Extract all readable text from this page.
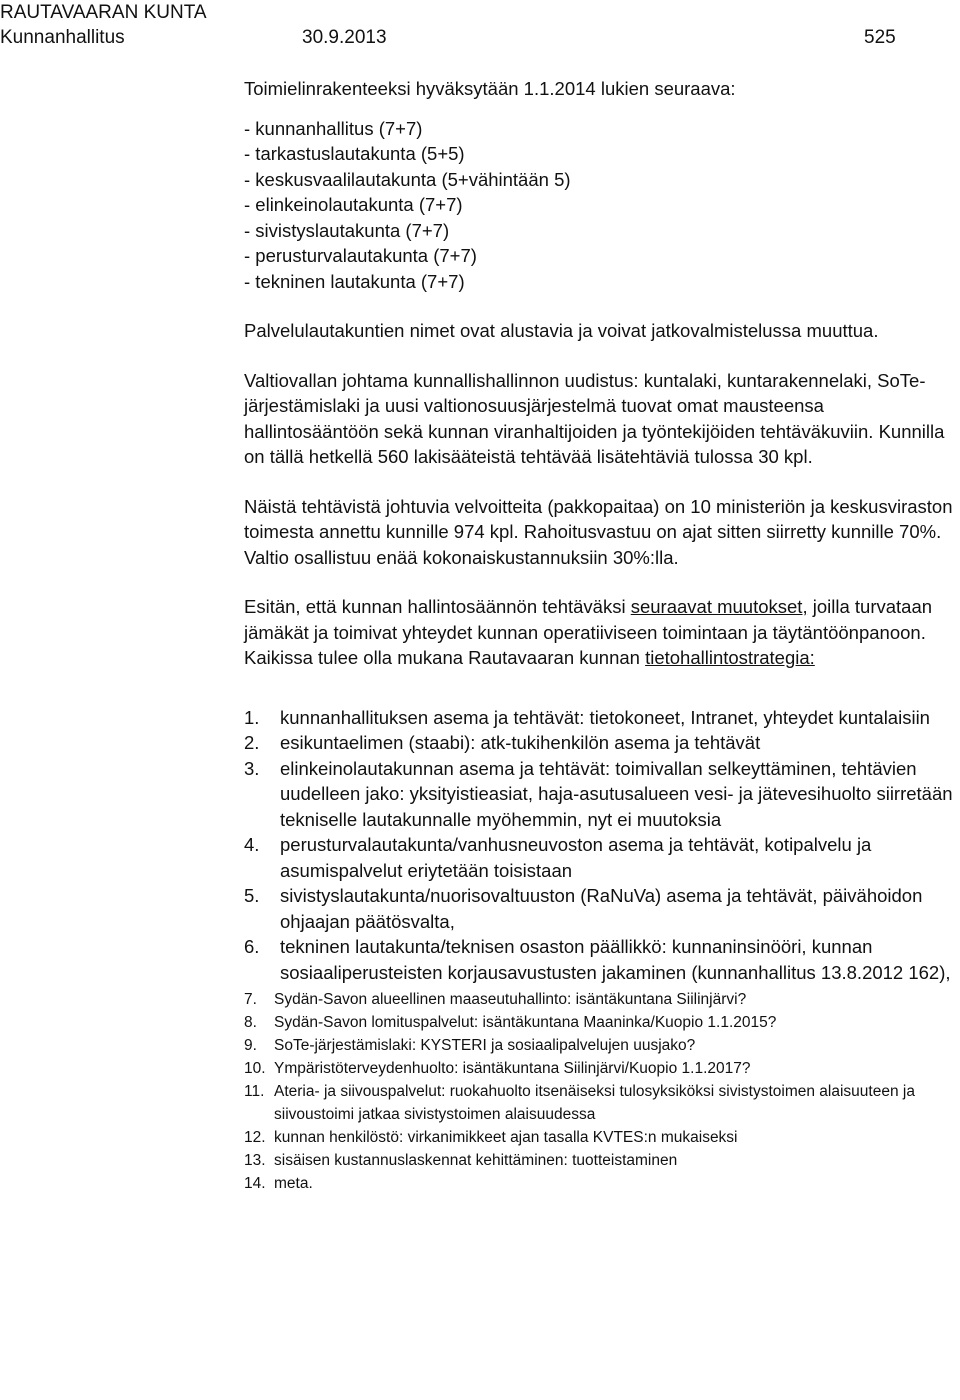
RAUTAVAARAN KUNTA
Kunnanhallitus	30.9.2013	525

Toimielinrakenteeksi hyväksytään 1.1.2014 lukien seuraava:

- kunnanhallitus (7+7)
- tarkastuslautakunta (5+5)
- keskusvaalilautakunta (5+vähintään 5)
- elinkeinolautakunta (7+7)
- sivistyslautakunta (7+7)
- perusturvalautakunta (7+7)
- tekninen lautakunta (7+7)

Palvelulautakuntien nimet ovat alustavia ja voivat jatkovalmistelussa muuttua.

Valtiovallan johtama kunnallishallinnon uudistus: kuntalaki, kuntarakennelaki, SoTe-järjestämislaki ja uusi valtionosuusjärjestelmä tuovat omat mausteensa hallintosääntöön sekä kunnan viranhaltijoiden ja työntekijöiden tehtäväkuviin. Kunnilla on tällä hetkellä 560 lakisääteistä tehtävää lisätehtäviä tulossa 30 kpl.

Näistä tehtävistä johtuvia velvoitteita (pakkopaitaa) on 10 ministeriön ja keskusviraston toimesta annettu kunnille 974 kpl. Rahoitusvastuu on ajat sitten siirretty kunnille 70%. Valtio osallistuu enää kokonaiskustannuksiin 30%:lla.

Esitän, että kunnan hallintosäännön tehtäväksi seuraavat muutokset, joilla turvataan jämäkät ja toimivat yhteydet kunnan operatiiviseen toimintaan ja täytäntöönpanoon. Kaikissa tulee olla mukana Rautavaaran kunnan tietohallintostrategia:

1.	kunnanhallituksen asema ja tehtävät: tietokoneet, Intranet, yhteydet kuntalaisiin
2.	esikuntaelimen (staabi): atk-tukihenkilön asema ja tehtävät
3.	elinkeinolautakunnan asema ja tehtävät: toimivallan selkeyttäminen, tehtävien uudelleen jako: yksityistieasiat, haja-asutusalueen vesi- ja jätevesihuolto siirretään tekniselle lautakunnalle myöhemmin, nyt ei muutoksia
4.	perusturvalautakunta/vanhusneuvoston asema ja tehtävät, kotipalvelu ja asumispalvelut eriytetään toisistaan
5.	sivistyslautakunta/nuorisovaltuuston (RaNuVa) asema ja tehtävät, päivähoidon ohjaajan päätösvalta,
6.	tekninen lautakunta/teknisen osaston päällikkö: kunnaninsinööri, kunnan sosiaaliperusteisten korjausavustusten jakaminen (kunnanhallitus 13.8.2012 162),
7.	Sydän-Savon alueellinen maaseutuhallinto: isäntäkuntana Siilinjärvi?
8.	Sydän-Savon lomituspalvelut: isäntäkuntana Maaninka/Kuopio 1.1.2015?
9.	SoTe-järjestämislaki: KYSTERI ja sosiaalipalvelujen uusjako?
10. Ympäristöterveydenhuolto: isäntäkuntana Siilinjärvi/Kuopio 1.1.2017?
11. Ateria- ja siivouspalvelut: ruokahuolto itsenäiseksi tulosyksiköksi sivistystoimen alaisuuteen ja siivoustoimi jatkaa sivistystoimen alaisuudessa
12. kunnan henkilöstö: virkanimikkeet ajan tasalla KVTES:n mukaiseksi
13. sisäisen kustannuslaskennat kehittäminen: tuotteistaminen
14. meta.
